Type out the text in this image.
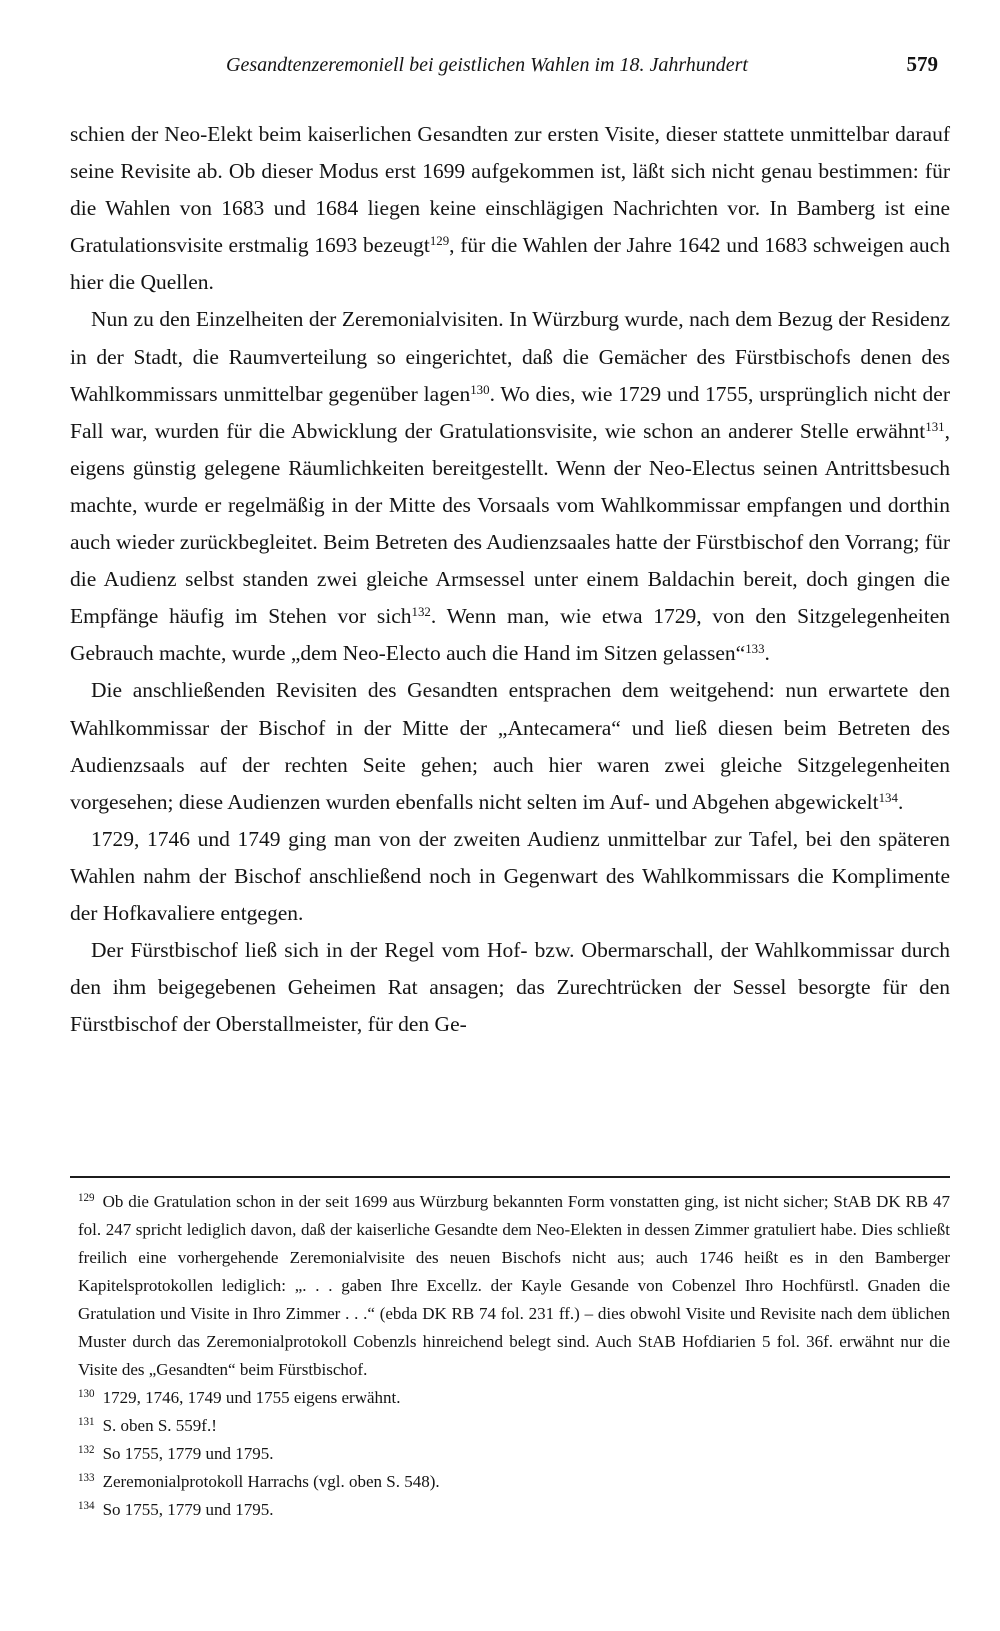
Gesandtenzeremoniell bei geistlichen Wahlen im 18. Jahrhundert	579

schien der Neo-Elekt beim kaiserlichen Gesandten zur ersten Visite, dieser stattete unmittelbar darauf seine Revisite ab. Ob dieser Modus erst 1699 aufgekommen ist, läßt sich nicht genau bestimmen: für die Wahlen von 1683 und 1684 liegen keine einschlägigen Nachrichten vor. In Bamberg ist eine Gratulationsvisite erstmalig 1693 bezeugt$^{129}$, für die Wahlen der Jahre 1642 und 1683 schweigen auch hier die Quellen.

Nun zu den Einzelheiten der Zeremonialvisiten. In Würzburg wurde, nach dem Bezug der Residenz in der Stadt, die Raumverteilung so eingerichtet, daß die Gemächer des Fürstbischofs denen des Wahlkommissars unmittelbar gegenüber lagen$^{130}$. Wo dies, wie 1729 und 1755, ursprünglich nicht der Fall war, wurden für die Abwicklung der Gratulationsvisite, wie schon an anderer Stelle erwähnt$^{131}$, eigens günstig gelegene Räumlichkeiten bereitgestellt. Wenn der Neo-Electus seinen Antrittsbesuch machte, wurde er regelmäßig in der Mitte des Vorsaals vom Wahlkommissar empfangen und dorthin auch wieder zurückbegleitet. Beim Betreten des Audienzsaales hatte der Fürstbischof den Vorrang; für die Audienz selbst standen zwei gleiche Armsessel unter einem Baldachin bereit, doch gingen die Empfänge häufig im Stehen vor sich$^{132}$. Wenn man, wie etwa 1729, von den Sitzgelegenheiten Gebrauch machte, wurde „dem Neo-Electo auch die Hand im Sitzen gelassen“$^{133}$.

Die anschließenden Revisiten des Gesandten entsprachen dem weitgehend: nun erwartete den Wahlkommissar der Bischof in der Mitte der „Antecamera“ und ließ diesen beim Betreten des Audienzsaals auf der rechten Seite gehen; auch hier waren zwei gleiche Sitzgelegenheiten vorgesehen; diese Audienzen wurden ebenfalls nicht selten im Auf- und Abgehen abgewickelt$^{134}$.

1729, 1746 und 1749 ging man von der zweiten Audienz unmittelbar zur Tafel, bei den späteren Wahlen nahm der Bischof anschließend noch in Gegenwart des Wahlkommissars die Komplimente der Hofkavaliere entgegen.

Der Fürstbischof ließ sich in der Regel vom Hof- bzw. Obermarschall, der Wahlkommissar durch den ihm beigegebenen Geheimen Rat ansagen; das Zurechtrücken der Sessel besorgte für den Fürstbischof der Oberstallmeister, für den Ge-

$^{129}$ Ob die Gratulation schon in der seit 1699 aus Würzburg bekannten Form vonstatten ging, ist nicht sicher; StAB DK RB 47 fol. 247 spricht lediglich davon, daß der kaiserliche Gesandte dem Neo-Elekten in dessen Zimmer gratuliert habe. Dies schließt freilich eine vorhergehende Zeremonialvisite des neuen Bischofs nicht aus; auch 1746 heißt es in den Bamberger Kapitelsprotokollen lediglich: „. . . gaben Ihre Excellz. der Kayle Gesande von Cobenzel Ihro Hochfürstl. Gnaden die Gratulation und Visite in Ihro Zimmer . . .“ (ebda DK RB 74 fol. 231 ff.) – dies obwohl Visite und Revisite nach dem üblichen Muster durch das Zeremonialprotokoll Cobenzls hinreichend belegt sind. Auch StAB Hofdiarien 5 fol. 36f. erwähnt nur die Visite des „Gesandten“ beim Fürstbischof.

$^{130}$ 1729, 1746, 1749 und 1755 eigens erwähnt.

$^{131}$ S. oben S. 559f.!

$^{132}$ So 1755, 1779 und 1795.

$^{133}$ Zeremonialprotokoll Harrachs (vgl. oben S. 548).

$^{134}$ So 1755, 1779 und 1795.
